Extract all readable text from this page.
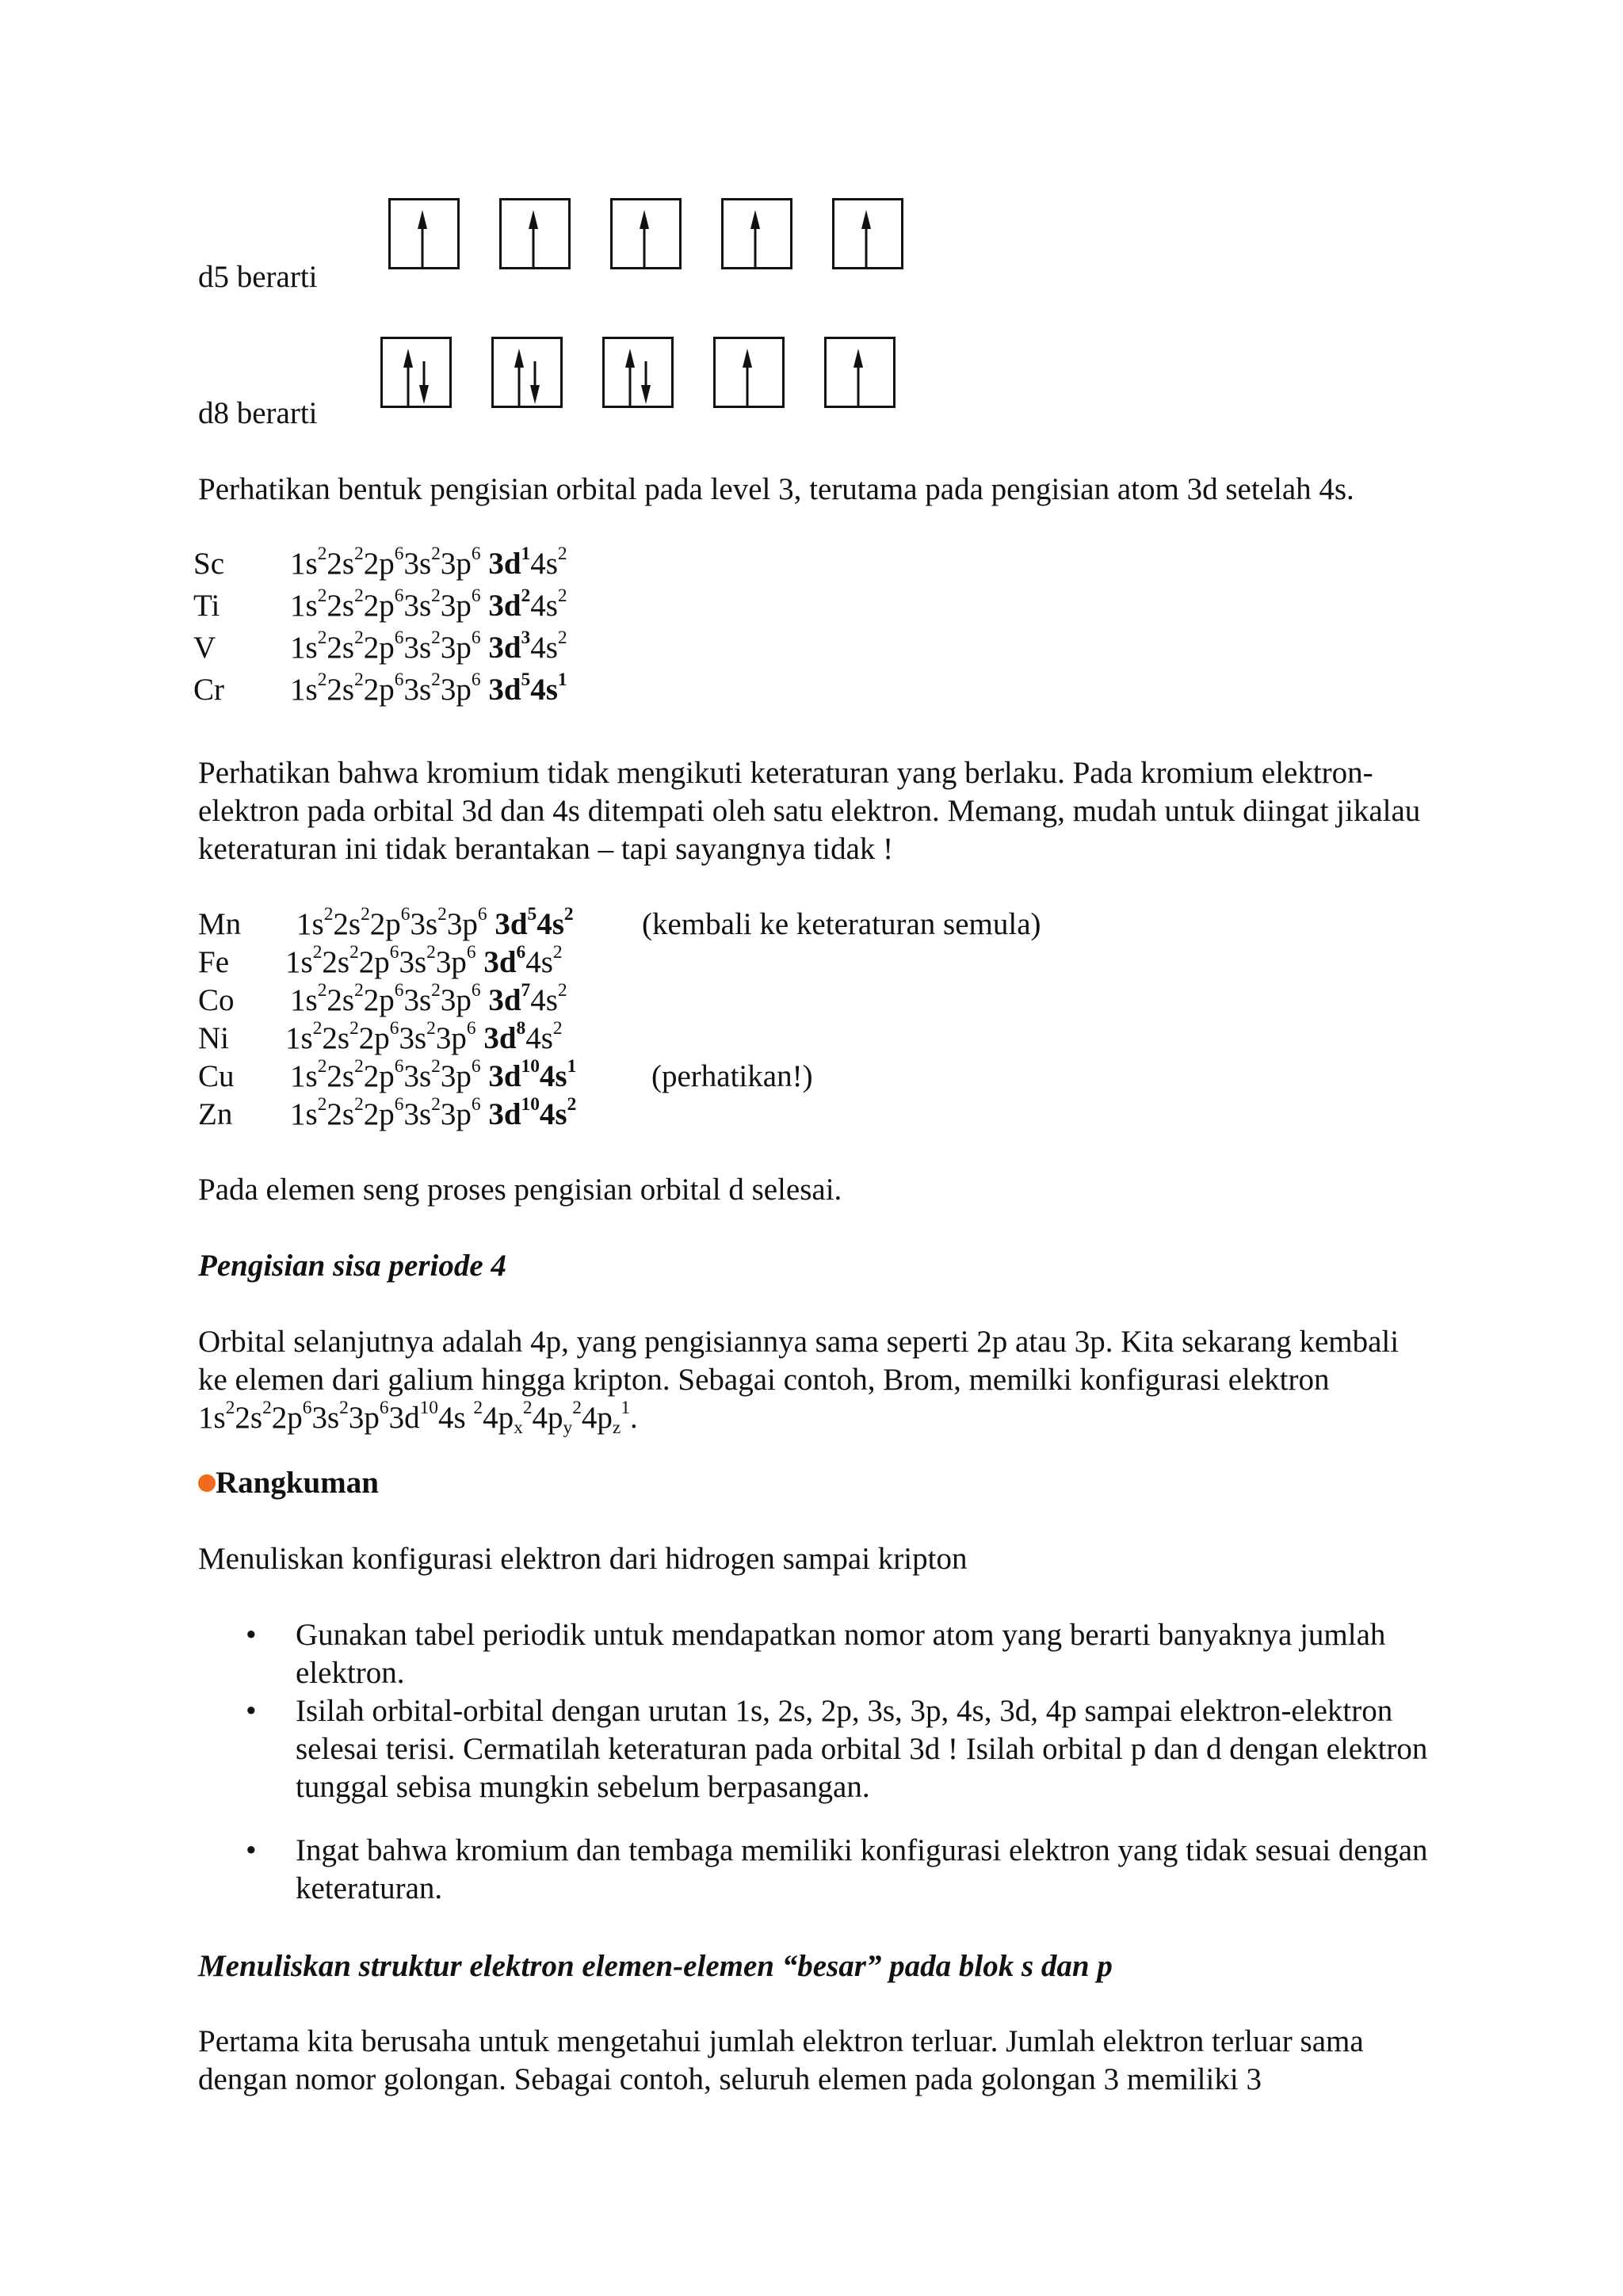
d5 berarti
d8 berarti
Perhatikan bentuk pengisian orbital pada level 3, terutama pada pengisian atom 3d setelah 4s.
Sc $1s^22s^22p^63s^23p^6$ $3d^14s^2$
Ti $1s^22s^22p^63s^23p^6$ $3d^24s^2$
V $1s^22s^22p^63s^23p^6$ $3d^34s^2$
Cr $1s^22s^22p^63s^23p^6$ $3d^54s^1$
Perhatikan bahwa kromium tidak mengikuti keteraturan yang berlaku. Pada kromium elektron-elektron pada orbital 3d dan 4s ditempati oleh satu elektron. Memang, mudah untuk diingat jikalau keteraturan ini tidak berantakan – tapi sayangnya tidak !
Mn $1s^22s^22p^63s^23p^6$ $3d^54s^2$ (kembali ke keteraturan semula)
Fe $1s^22s^22p^63s^23p^6$ $3d^64s^2$
Co $1s^22s^22p^63s^23p^6$ $3d^74s^2$
Ni $1s^22s^22p^63s^23p^6$ $3d^84s^2$
Cu $1s^22s^22p^63s^23p^6$ $3d^{10}4s^1$ (perhatikan!)
Zn $1s^22s^22p^63s^23p^6$ $3d^{10}4s^2$
Pada elemen seng proses pengisian orbital d selesai.
Pengisian sisa periode 4
Orbital selanjutnya adalah 4p, yang pengisiannya sama seperti 2p atau 3p. Kita sekarang kembali ke elemen dari galium hingga kripton. Sebagai contoh, Brom, memilki konfigurasi elektron $1s^22s^22p^63s^23p^63d^{10}4s$ $^24p_x^24p_y^24p_z^1$.
Rangkuman
Menuliskan konfigurasi elektron dari hidrogen sampai kripton
• Gunakan tabel periodik untuk mendapatkan nomor atom yang berarti banyaknya jumlah elektron.
• Isilah orbital-orbital dengan urutan 1s, 2s, 2p, 3s, 3p, 4s, 3d, 4p sampai elektron-elektron selesai terisi. Cermatilah keteraturan pada orbital 3d ! Isilah orbital p dan d dengan elektron tunggal sebisa mungkin sebelum berpasangan.
• Ingat bahwa kromium dan tembaga memiliki konfigurasi elektron yang tidak sesuai dengan keteraturan.
Menuliskan struktur elektron elemen-elemen “besar” pada blok s dan p
Pertama kita berusaha untuk mengetahui jumlah elektron terluar. Jumlah elektron terluar sama dengan nomor golongan. Sebagai contoh, seluruh elemen pada golongan 3 memiliki 3
